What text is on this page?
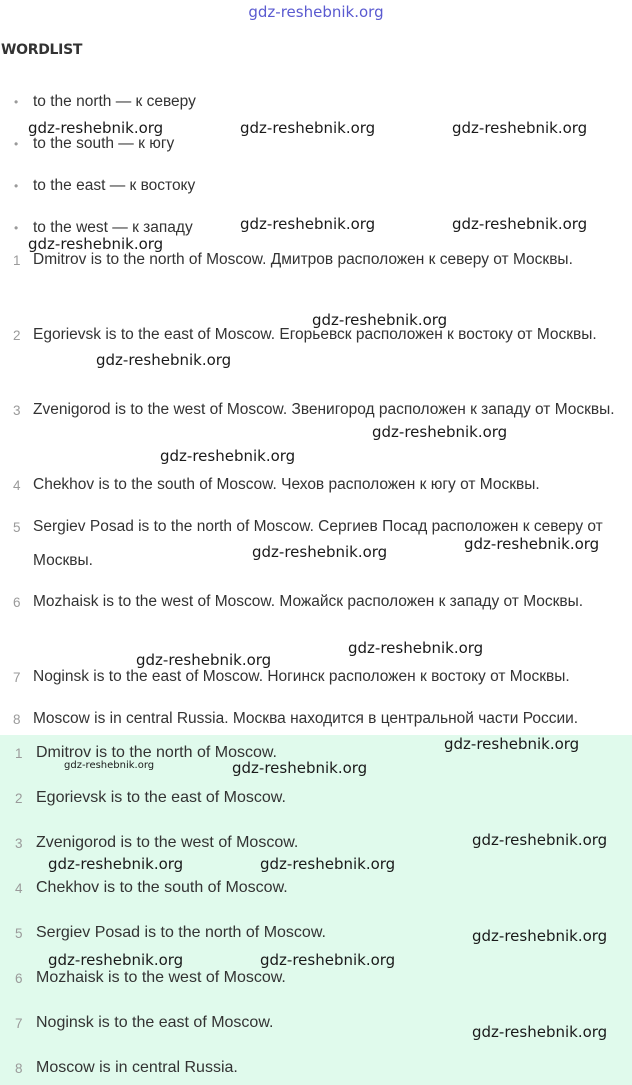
gdz-reshebnik.org
WORDLIST
• to the north — к северу
• to the south — к югу
• to the east — к востоку
• to the west — к западу
1 Dmitrov is to the north of Moscow. Дмитров расположен к северу от Москвы.
2 Egorievsk is to the east of Moscow. Егорьевск расположен к востоку от Москвы.
3 Zvenigorod is to the west of Moscow. Звенигород расположен к западу от Москвы.
4 Chekhov is to the south of Moscow. Чехов расположен к югу от Москвы.
5 Sergiev Posad is to the north of Moscow. Сергиев Посад расположен к северу от Москвы.
6 Mozhaisk is to the west of Moscow. Можайск расположен к западу от Москвы.
7 Noginsk is to the east of Moscow. Ногинск расположен к востоку от Москвы.
8 Moscow is in central Russia. Москва находится в центральной части России.
1 Dmitrov is to the north of Moscow.
2 Egorievsk is to the east of Moscow.
3 Zvenigorod is to the west of Moscow.
4 Chekhov is to the south of Moscow.
5 Sergiev Posad is to the north of Moscow.
6 Mozhaisk is to the west of Moscow.
7 Noginsk is to the east of Moscow.
8 Moscow is in central Russia.
gdz-reshebnik.org	gdz-reshebnik.org	gdz-reshebnik.org
gdz-reshebnik.org	gdz-reshebnik.org
gdz-reshebnik.org
gdz-reshebnik.org
gdz-reshebnik.org
gdz-reshebnik.org
gdz-reshebnik.org
gdz-reshebnik.org
gdz-reshebnik.org
gdz-reshebnik.org
gdz-reshebnik.org
gdz-reshebnik.org
gdz-reshebnik.org	gdz-reshebnik.org
gdz-reshebnik.org
gdz-reshebnik.org	gdz-reshebnik.org
gdz-reshebnik.org
gdz-reshebnik.org	gdz-reshebnik.org
gdz-reshebnik.org
